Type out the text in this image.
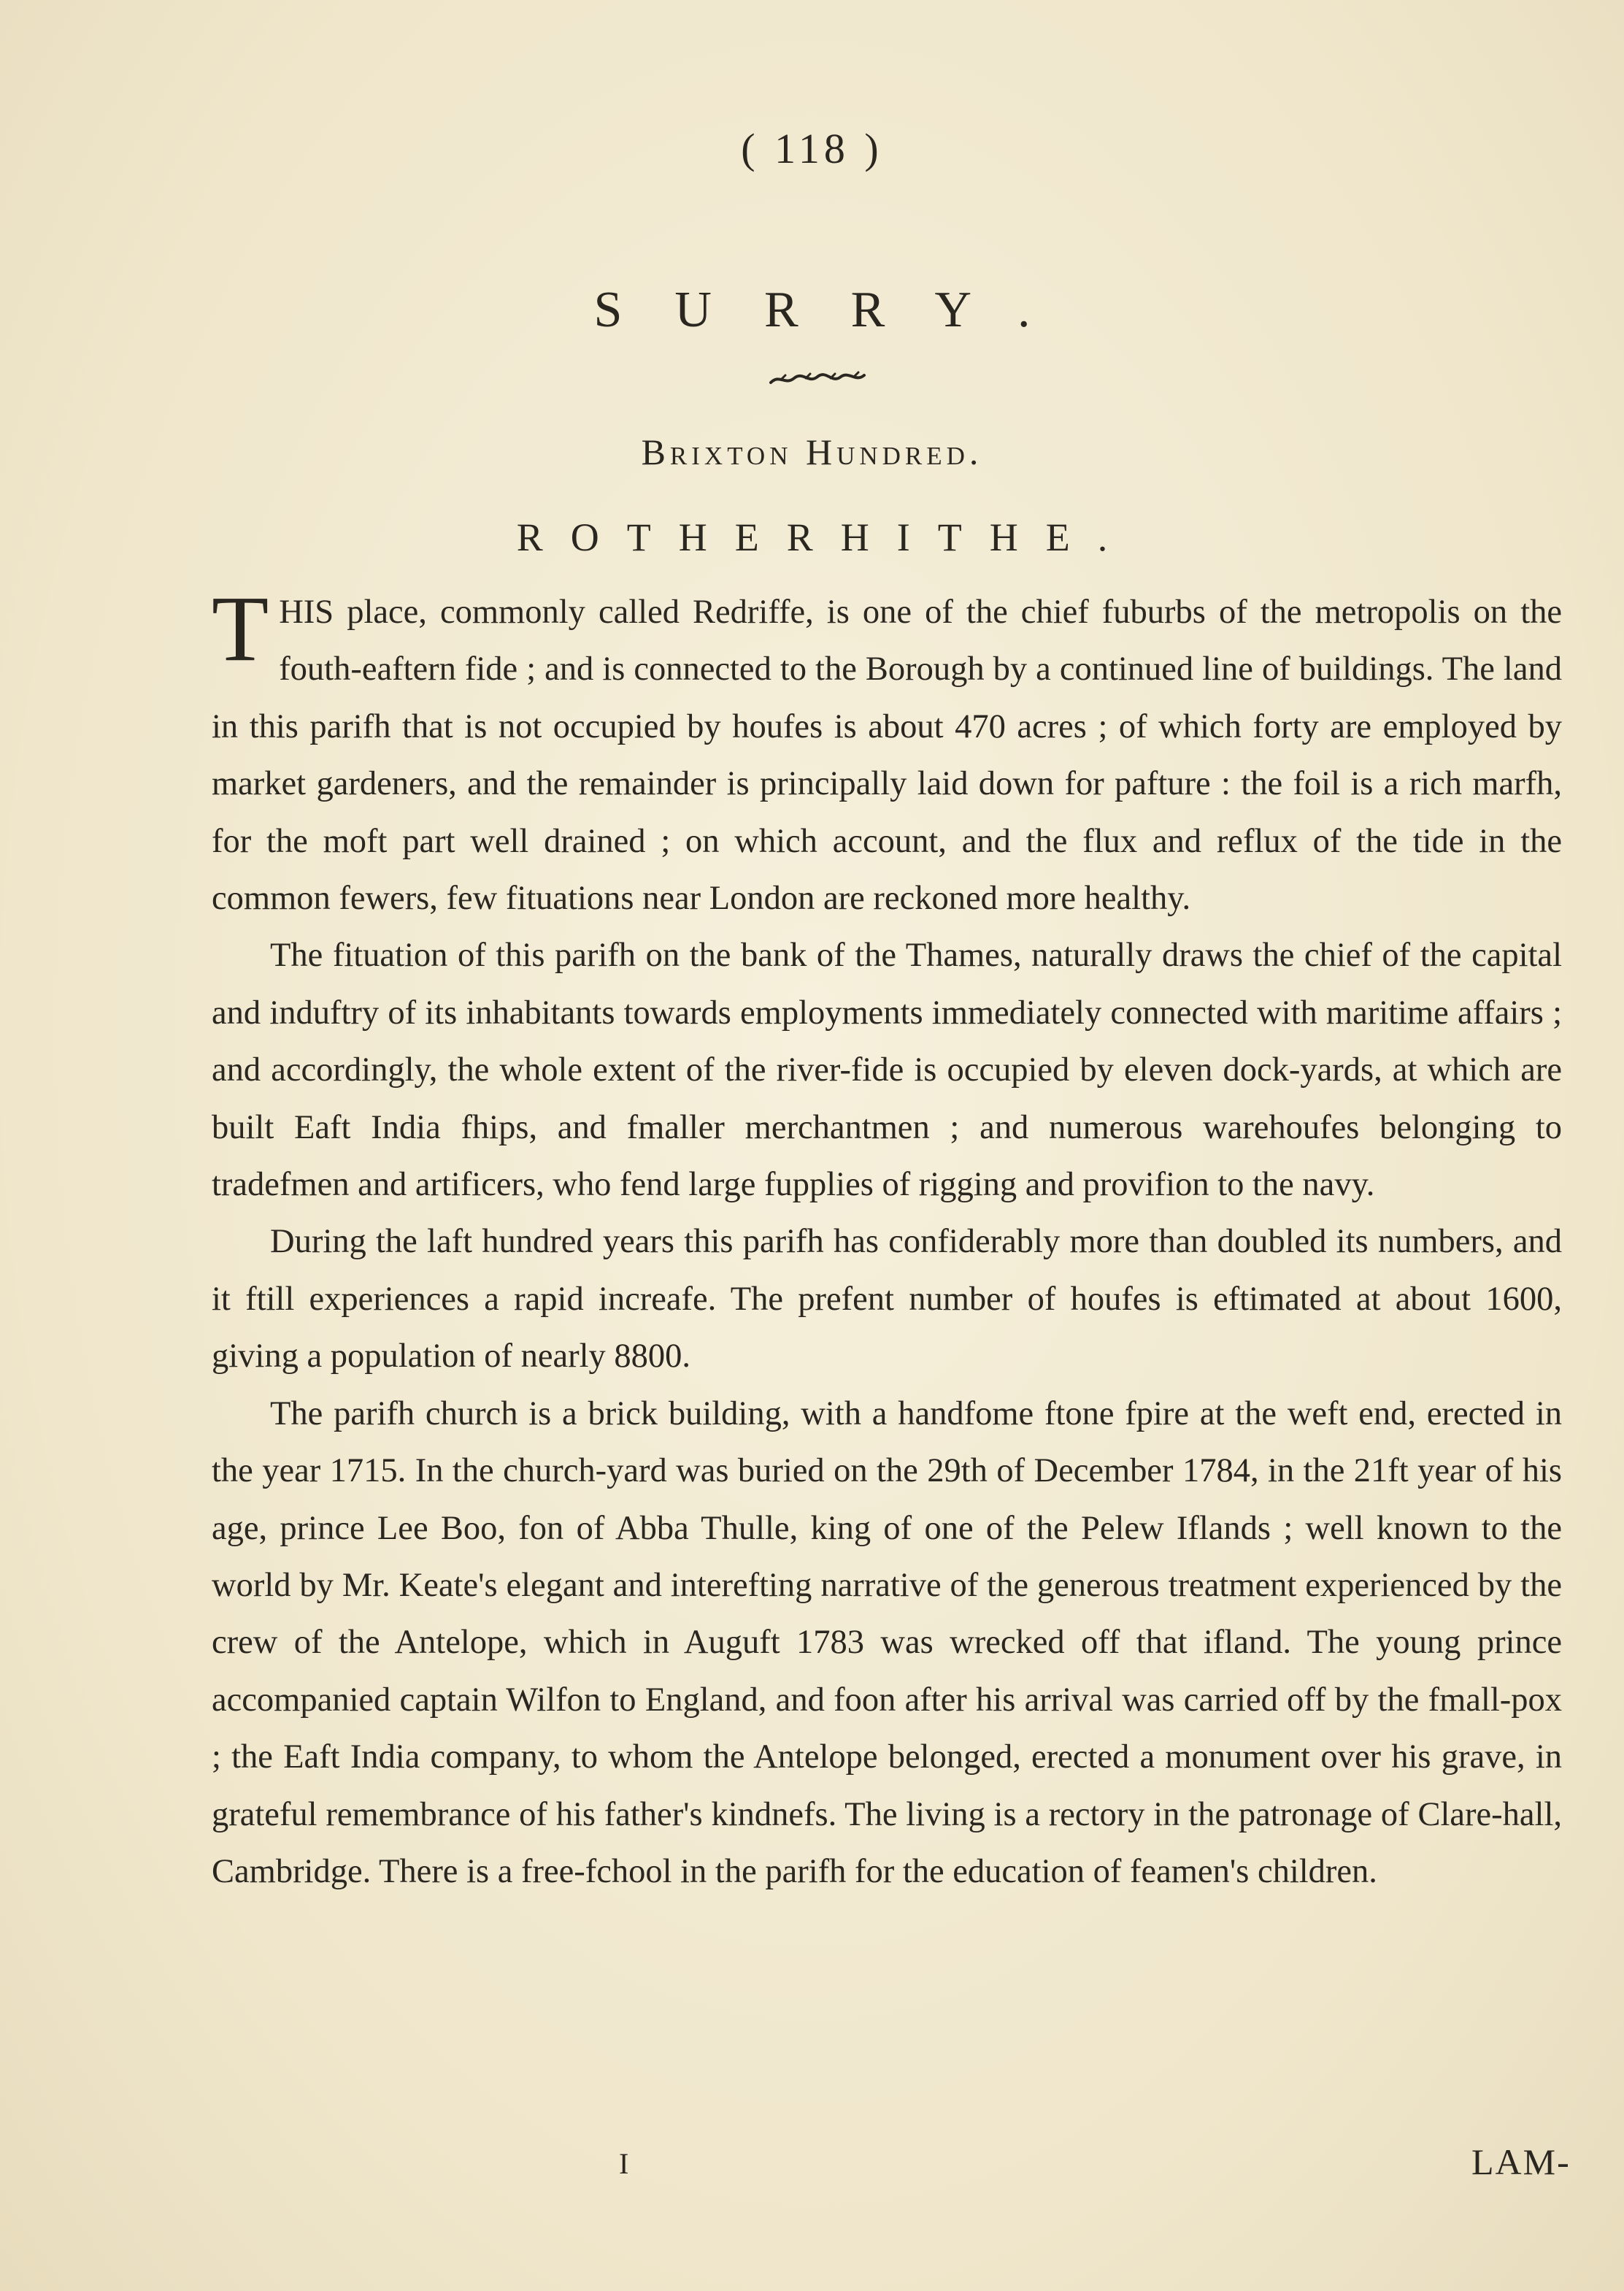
( 118 )
SURRY.
Brixton Hundred.
ROTHERHITHE.

THIS place, commonly called Redriffe, is one of the chief fuburbs of the metropolis on the fouth-eaftern fide ; and is connected to the Borough by a continued line of buildings. The land in this parifh that is not occupied by houfes is about 470 acres ; of which forty are employed by market gardeners, and the remainder is principally laid down for pafture : the foil is a rich marfh, for the moft part well drained ; on which account, and the flux and reflux of the tide in the common fewers, few fituations near London are reckoned more healthy.

The fituation of this parifh on the bank of the Thames, naturally draws the chief of the capital and induftry of its inhabitants towards employments immediately connected with maritime affairs ; and accordingly, the whole extent of the river-fide is occupied by eleven dock-yards, at which are built Eaft India fhips, and fmaller merchantmen ; and numerous warehoufes belonging to tradefmen and artificers, who fend large fupplies of rigging and provifion to the navy.

During the laft hundred years this parifh has confiderably more than doubled its numbers, and it ftill experiences a rapid increafe. The prefent number of houfes is eftimated at about 1600, giving a population of nearly 8800.

The parifh church is a brick building, with a handfome ftone fpire at the weft end, erected in the year 1715. In the church-yard was buried on the 29th of December 1784, in the 21ft year of his age, prince Lee Boo, fon of Abba Thulle, king of one of the Pelew Iflands ; well known to the world by Mr. Keate's elegant and interefting narrative of the generous treatment experienced by the crew of the Antelope, which in Auguft 1783 was wrecked off that ifland. The young prince accompanied captain Wilfon to England, and foon after his arrival was carried off by the fmall-pox ; the Eaft India company, to whom the Antelope belonged, erected a monument over his grave, in grateful remembrance of his father's kindnefs. The living is a rectory in the patronage of Clare-hall, Cambridge. There is a free-fchool in the parifh for the education of feamen's children.

I	LAM-
